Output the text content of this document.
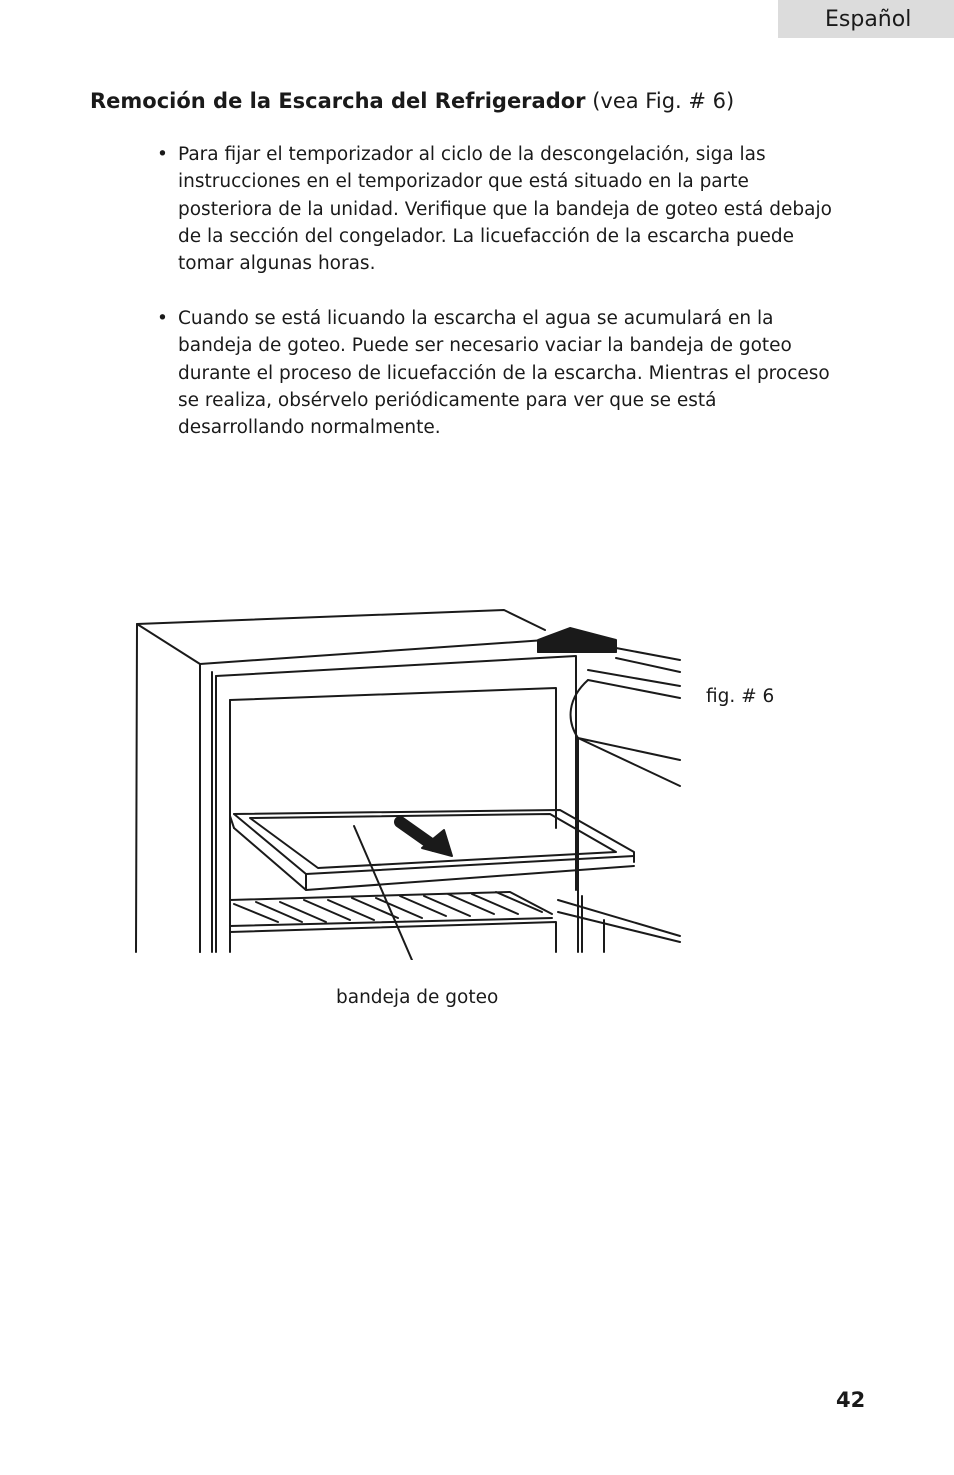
Español
Remoción de la Escarcha del Refrigerador (vea Fig. # 6)
• Para fijar el temporizador al ciclo de la descongelación, siga las instrucciones en el temporizador que está situado en la parte posteriora de la unidad. Verifique que la bandeja de goteo está debajo de la sección del congelador. La licuefacción de la escarcha puede tomar algunas horas.

• Cuando se está licuando la escarcha el agua se acumulará en la bandeja de goteo. Puede ser necesario vaciar la bandeja de goteo durante el proceso de licuefacción de la escarcha. Mientras el proceso se realiza, obsérvelo periódicamente para ver que se está desarrollando normalmente.

fig. # 6
bandeja de goteo
42
